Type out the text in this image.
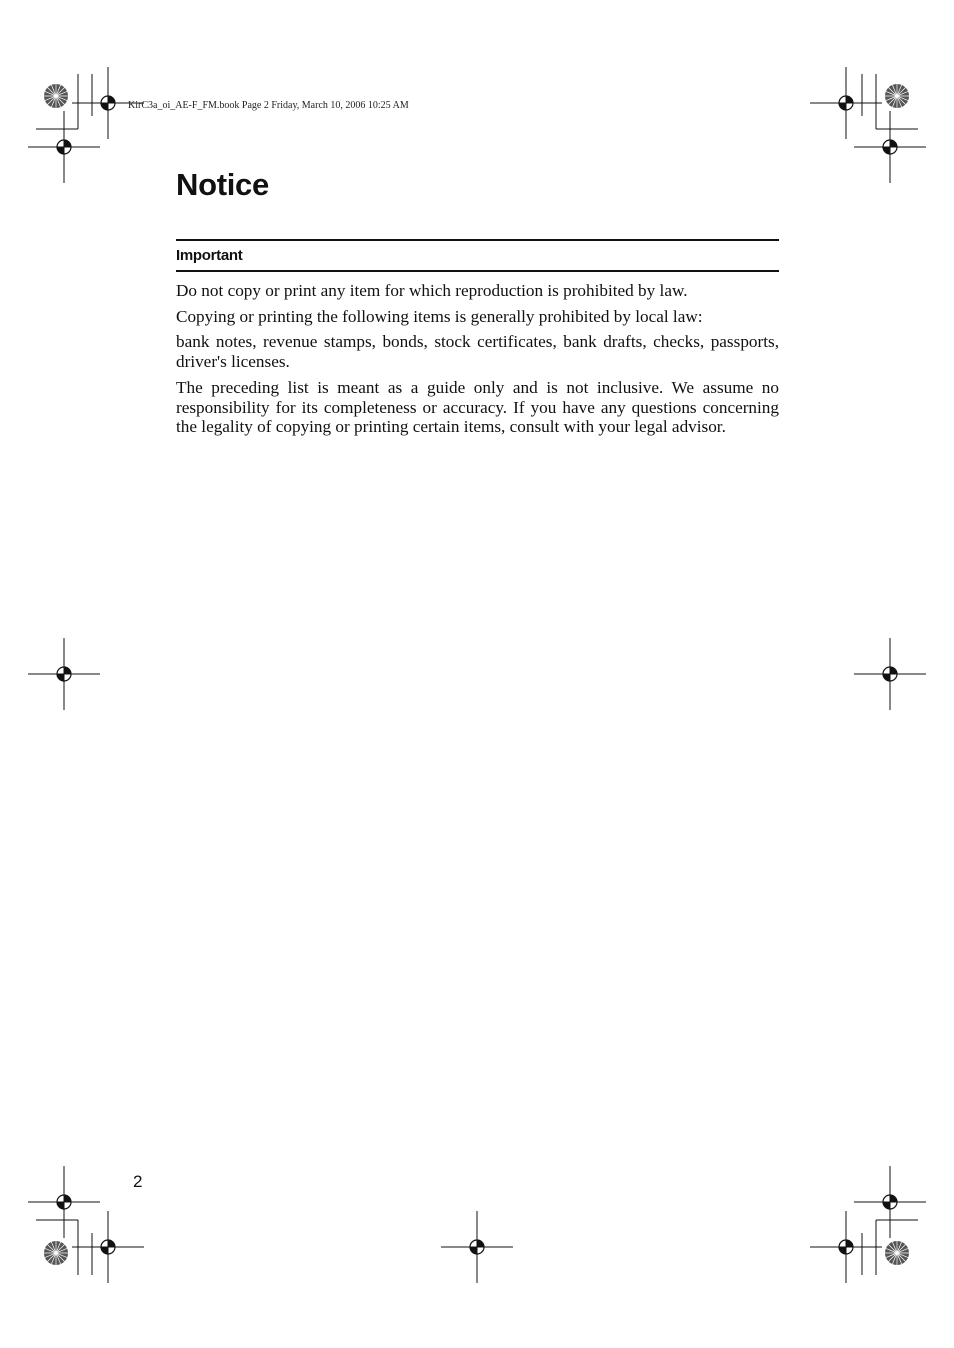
KirC3a_oi_AE-F_FM.book Page 2 Friday, March 10, 2006 10:25 AM
Notice
Important

Do not copy or print any item for which reproduction is prohibited by law.

Copying or printing the following items is generally prohibited by local law:

bank notes, revenue stamps, bonds, stock certificates, bank drafts, checks, passports, driver's licenses.

The preceding list is meant as a guide only and is not inclusive. We assume no responsibility for its completeness or accuracy. If you have any questions concerning the legality of copying or printing certain items, consult with your legal advisor.

2
